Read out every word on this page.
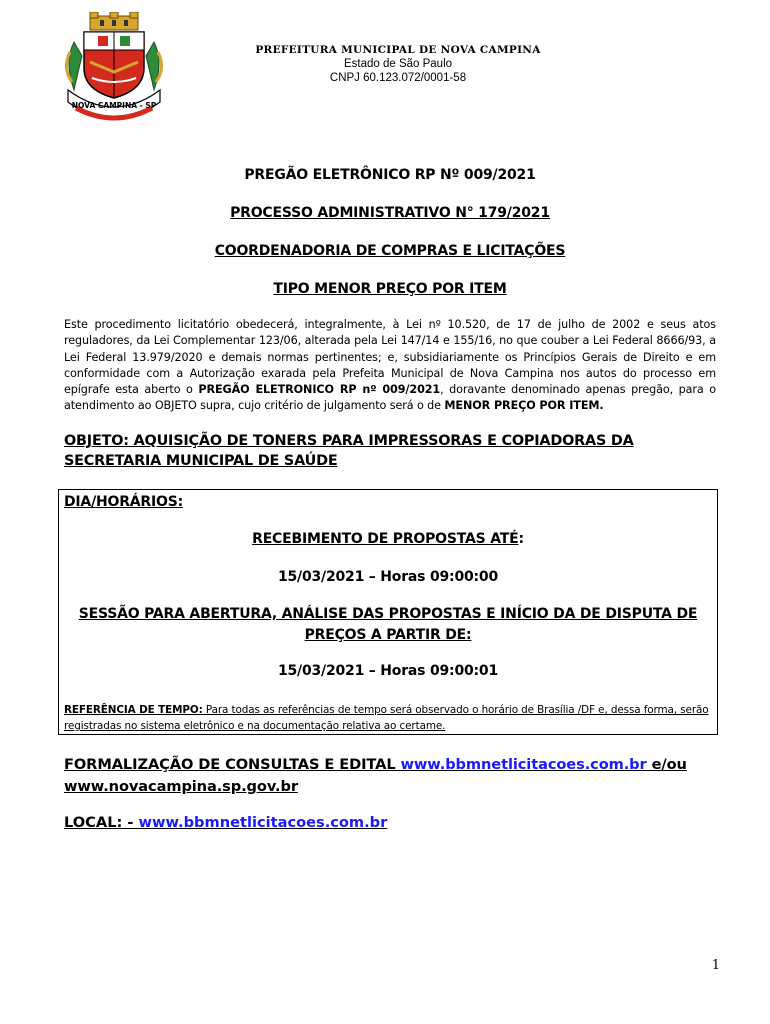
NOVA CAMPINA - SP
PREFEITURA MUNICIPAL DE NOVA CAMPINA
Estado de São Paulo
CNPJ 60.123.072/0001-58
PREGÃO ELETRÔNICO RP Nº 009/2021
PROCESSO ADMINISTRATIVO N° 179/2021
COORDENADORIA DE COMPRAS E LICITAÇÕES
TIPO MENOR PREÇO POR ITEM
Este procedimento licitatório obedecerá, integralmente, à Lei nº 10.520, de 17 de julho de 2002 e seus atos reguladores, da Lei Complementar 123/06, alterada pela Lei 147/14 e 155/16, no que couber a Lei Federal 8666/93, a Lei Federal 13.979/2020 e demais normas pertinentes; e, subsidiariamente os Princípios Gerais de Direito e em conformidade com a Autorização exarada pela Prefeita Municipal de Nova Campina nos autos do processo em epígrafe esta aberto o PREGÃO ELETRONICO RP nº 009/2021, doravante denominado apenas pregão, para o atendimento ao OBJETO supra, cujo critério de julgamento será o de MENOR PREÇO POR ITEM.
OBJETO: AQUISIÇÃO DE TONERS PARA IMPRESSORAS E COPIADORAS DA SECRETARIA MUNICIPAL DE SAÚDE
DIA/HORÁRIOS:
RECEBIMENTO DE PROPOSTAS ATÉ:
15/03/2021 – Horas 09:00:00
SESSÃO PARA ABERTURA, ANÁLISE DAS PROPOSTAS E INÍCIO DA DE DISPUTA DE
PREÇOS A PARTIR DE:
15/03/2021 – Horas 09:00:01
REFERÊNCIA DE TEMPO: Para todas as referências de tempo será observado o horário de Brasília /DF e, dessa forma, serão registradas no sistema eletrônico e na documentação relativa ao certame.
FORMALIZAÇÃO DE CONSULTAS E EDITAL www.bbmnetlicitacoes.com.br e/ou
www.novacampina.sp.gov.br
LOCAL: - www.bbmnetlicitacoes.com.br
1
